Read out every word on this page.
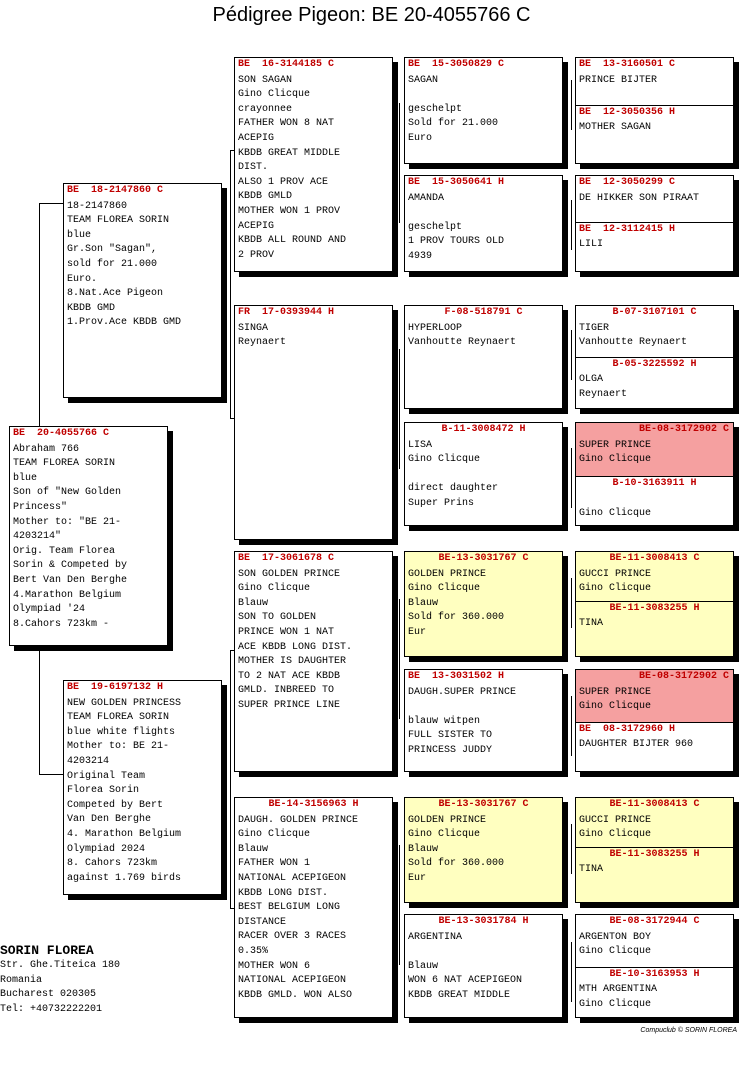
Pédigree Pigeon: BE 20-4055766 C
BE  20-4055766 C
Abraham 766
TEAM FLOREA SORIN
blue
Son of "New Golden
Princess"
Mother to: "BE 21-
4203214"
Orig. Team Florea
Sorin & Competed by
Bert Van Den Berghe
4.Marathon Belgium
Olympiad '24
8.Cahors 723km -
BE  18-2147860 C
18-2147860
TEAM FLOREA SORIN
blue
Gr.Son "Sagan",
sold for 21.000
Euro.
8.Nat.Ace Pigeon
KBDB GMD
1.Prov.Ace KBDB GMD
BE  19-6197132 H
NEW GOLDEN PRINCESS
TEAM FLOREA SORIN
blue white flights
Mother to: BE 21-
4203214
Original Team
Florea Sorin
Competed by Bert
Van Den Berghe
4. Marathon Belgium
Olympiad 2024
8. Cahors 723km
against 1.769 birds
BE  16-3144185 C
SON SAGAN
Gino Clicque
crayonnee
FATHER WON 8 NAT
ACEPIG
KBDB GREAT MIDDLE
DIST.
ALSO 1 PROV ACE
KBDB GMLD
MOTHER WON 1 PROV
ACEPIG
KBDB ALL ROUND AND
2 PROV
FR  17-0393944 H
SINGA
Reynaert
BE  17-3061678 C
SON GOLDEN PRINCE
Gino Clicque
Blauw
SON TO GOLDEN
PRINCE WON 1 NAT
ACE KBDB LONG DIST.
MOTHER IS DAUGHTER
TO 2 NAT ACE KBDB
GMLD. INBREED TO
SUPER PRINCE LINE
BE-14-3156963 H
DAUGH. GOLDEN PRINCE
Gino Clicque
Blauw
FATHER WON 1
NATIONAL ACEPIGEON
KBDB LONG DIST.
BEST BELGIUM LONG
DISTANCE
RACER OVER 3 RACES
0.35%
MOTHER WON 6
NATIONAL ACEPIGEON
KBDB GMLD. WON ALSO
BE  15-3050829 C
SAGAN

geschelpt
Sold for 21.000
Euro
BE  15-3050641 H
AMANDA

geschelpt
1 PROV TOURS OLD
4939
F-08-518791 C
HYPERLOOP
Vanhoutte Reynaert
B-11-3008472 H
LISA
Gino Clicque

direct daughter
Super Prins
BE-13-3031767 C
GOLDEN PRINCE
Gino Clicque
Blauw
Sold for 360.000
Eur
BE  13-3031502 H
DAUGH.SUPER PRINCE

blauw witpen
FULL SISTER TO
PRINCESS JUDDY
BE-13-3031767 C
GOLDEN PRINCE
Gino Clicque
Blauw
Sold for 360.000
Eur
BE-13-3031784 H
ARGENTINA

Blauw
WON 6 NAT ACEPIGEON
KBDB GREAT MIDDLE
BE  13-3160501 C
PRINCE BIJTER
BE  12-3050356 H
MOTHER SAGAN
BE  12-3050299 C
DE HIKKER SON PIRAAT
BE  12-3112415 H
LILI
B-07-3107101 C
TIGER
Vanhoutte Reynaert
B-05-3225592 H
OLGA
Reynaert
BE-08-3172902 C
SUPER PRINCE
Gino Clicque
B-10-3163911 H

Gino Clicque
BE-11-3008413 C
GUCCI PRINCE
Gino Clicque
BE-11-3083255 H
TINA
BE-08-3172902 C
SUPER PRINCE
Gino Clicque
BE  08-3172960 H
DAUGHTER BIJTER 960
BE-11-3008413 C
GUCCI PRINCE
Gino Clicque
BE-11-3083255 H
TINA
BE-08-3172944 C
ARGENTON BOY
Gino Clicque
BE-10-3163953 H
MTH ARGENTINA
Gino Clicque
SORIN FLOREA
Str. Ghe.Titeica 180
Romania
Bucharest 020305
Tel: +40732222201
Compuclub © SORIN FLOREA
